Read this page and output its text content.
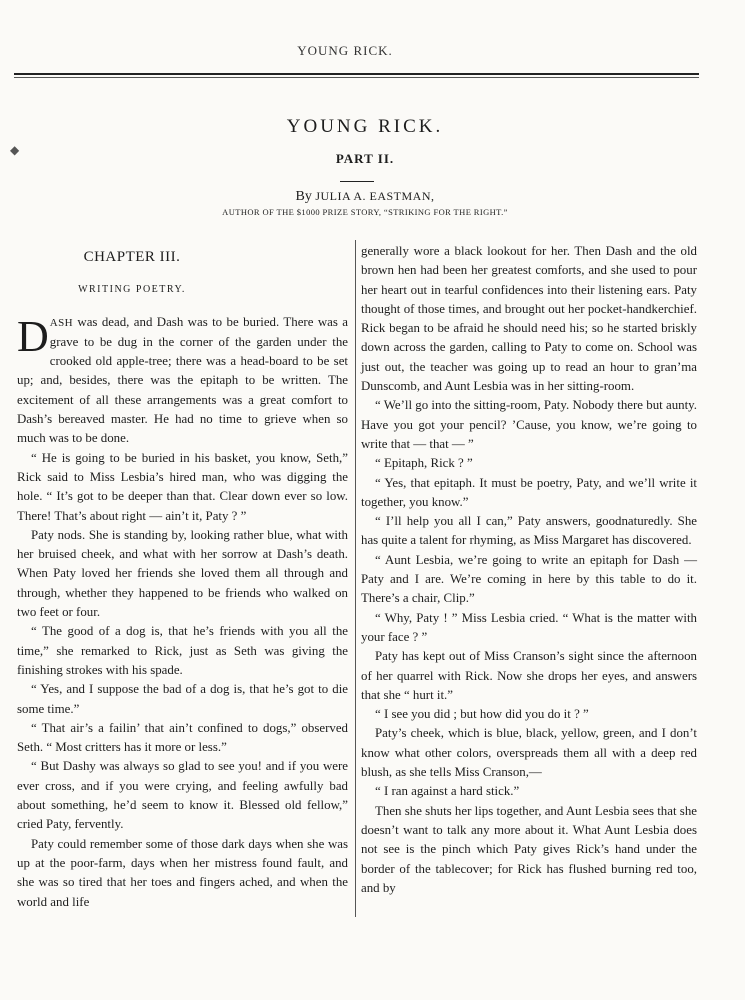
YOUNG RICK.
◆
YOUNG RICK.
PART II.
By JULIA A. EASTMAN,
AUTHOR OF THE $1000 PRIZE STORY, “STRIKING FOR THE RIGHT.”
CHAPTER III.
WRITING POETRY.

DASH was dead, and Dash was to be buried. There was a grave to be dug in the corner of the garden under the crooked old apple-tree; there was a head-board to be set up; and, besides, there was the epitaph to be written. The excitement of all these arrangements was a great comfort to Dash’s bereaved master. He had no time to grieve when so much was to be done.

“ He is going to be buried in his basket, you know, Seth,” Rick said to Miss Lesbia’s hired man, who was digging the hole. “ It’s got to be deeper than that. Clear down ever so low. There! That’s about right — ain’t it, Paty ? ”

Paty nods. She is standing by, looking rather blue, what with her bruised cheek, and what with her sorrow at Dash’s death. When Paty loved her friends she loved them all through and through, whether they happened to be friends who walked on two feet or four.

“ The good of a dog is, that he’s friends with you all the time,” she remarked to Rick, just as Seth was giving the finishing strokes with his spade.

“ Yes, and I suppose the bad of a dog is, that he’s got to die some time.”

“ That air’s a failin’ that ain’t confined to dogs,” observed Seth. “ Most critters has it more or less.”

“ But Dashy was always so glad to see you! and if you were ever cross, and if you were crying, and feeling awfully bad about something, he’d seem to know it. Blessed old fellow,” cried Paty, fervently.

Paty could remember some of those dark days when she was up at the poor-farm, days when her mistress found fault, and she was so tired that her toes and fingers ached, and when the world and life

generally wore a black lookout for her. Then Dash and the old brown hen had been her greatest comforts, and she used to pour her heart out in tearful confidences into their listening ears. Paty thought of those times, and brought out her pocket-handkerchief. Rick began to be afraid he should need his; so he started briskly down across the garden, calling to Paty to come on. School was just out, the teacher was going up to read an hour to gran’ma Dunscomb, and Aunt Lesbia was in her sitting-room.

“ We’ll go into the sitting-room, Paty. Nobody there but aunty. Have you got your pencil? ’Cause, you know, we’re going to write that — that — ”

“ Epitaph, Rick ? ”

“ Yes, that epitaph. It must be poetry, Paty, and we’ll write it together, you know.”

“ I’ll help you all I can,” Paty answers, goodnaturedly. She has quite a talent for rhyming, as Miss Margaret has discovered.

“ Aunt Lesbia, we’re going to write an epitaph for Dash — Paty and I are. We’re coming in here by this table to do it. There’s a chair, Clip.”

“ Why, Paty ! ” Miss Lesbia cried. “ What is the matter with your face ? ”

Paty has kept out of Miss Cranson’s sight since the afternoon of her quarrel with Rick. Now she drops her eyes, and answers that she “ hurt it.”

“ I see you did ; but how did you do it ? ”

Paty’s cheek, which is blue, black, yellow, green, and I don’t know what other colors, overspreads them all with a deep red blush, as she tells Miss Cranson,—

“ I ran against a hard stick.”

Then she shuts her lips together, and Aunt Lesbia sees that she doesn’t want to talk any more about it. What Aunt Lesbia does not see is the pinch which Paty gives Rick’s hand under the border of the tablecover; for Rick has flushed burning red too, and by
